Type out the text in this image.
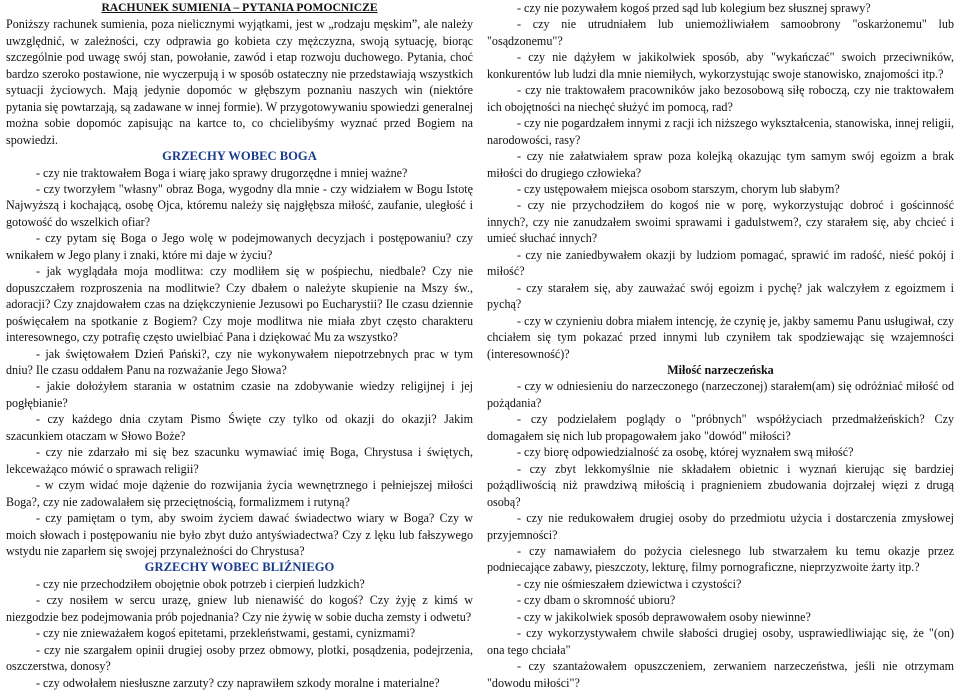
RACHUNEK SUMIENIA – PYTANIA POMOCNICZE

Poniższy rachunek sumienia, poza nielicznymi wyjątkami, jest w „rodzaju męskim”, ale należy uwzględnić, w zależności, czy odprawia go kobieta czy mężczyzna, swoją sytuację, biorąc szczególnie pod uwagę swój stan, powołanie, zawód i etap rozwoju duchowego. Pytania, choć bardzo szeroko postawione, nie wyczerpują i w sposób ostateczny nie przedstawiają wszystkich sytuacji życiowych. Mają jedynie dopomóc w głębszym poznaniu naszych win (niektóre pytania się powtarzają, są zadawane w innej formie). W przygotowywaniu spowiedzi generalnej można sobie dopomóc zapisując na kartce to, co chcielibyśmy wyznać przed Bogiem na spowiedzi.

GRZECHY WOBEC BOGA

- czy nie traktowałem Boga i wiarę jako sprawy drugorzędne i mniej ważne?

- czy tworzyłem "własny" obraz Boga, wygodny dla mnie - czy widziałem w Bogu Istotę Najwyższą i kochającą, osobę Ojca, któremu należy się najgłębsza miłość, zaufanie, uległość i gotowość do wszelkich ofiar?

- czy pytam się Boga o Jego wolę w podejmowanych decyzjach i postępowaniu? czy wnikałem w Jego plany i znaki, które mi daje w życiu?

- jak wyglądała moja modlitwa: czy modliłem się w pośpiechu, niedbale? Czy nie dopuszczałem rozproszenia na modlitwie? Czy dbałem o należyte skupienie na Mszy św., adoracji? Czy znajdowałem czas na dziękczynienie Jezusowi po Eucharystii? Ile czasu dziennie poświęcałem na spotkanie z Bogiem? Czy moje modlitwa nie miała zbyt często charakteru interesownego, czy potrafię często uwielbiać Pana i dziękować Mu za wszystko?

- jak świętowałem Dzień Pański?, czy nie wykonywałem niepotrzebnych prac w tym dniu? Ile czasu oddałem Panu na rozważanie Jego Słowa?

- jakie dołożyłem starania w ostatnim czasie na zdobywanie wiedzy religijnej i jej pogłębianie?

- czy każdego dnia czytam Pismo Święte czy tylko od okazji do okazji? Jakim szacunkiem otaczam w Słowo Boże?

- czy nie zdarzało mi się bez szacunku wymawiać imię Boga, Chrystusa i świętych, lekceważąco mówić o sprawach religii?

- w czym widać moje dążenie do rozwijania życia wewnętrznego i pełniejszej miłości Boga?, czy nie zadowalałem się przeciętnością, formalizmem i rutyną?

- czy pamiętam o tym, aby swoim życiem dawać świadectwo wiary w Boga? Czy w moich słowach i postępowaniu nie było zbyt dużo antyświadectwa? Czy z lęku lub fałszywego wstydu nie zaparłem się swojej przynależności do Chrystusa?

GRZECHY WOBEC BLIŹNIEGO

- czy nie przechodziłem obojętnie obok potrzeb i cierpień ludzkich?

- czy nosiłem w sercu urazę, gniew lub nienawiść do kogoś? Czy żyję z kimś w niezgodzie bez podejmowania prób pojednania? Czy nie żywię w sobie ducha zemsty i odwetu?

- czy nie znieważałem kogoś epitetami, przekleństwami, gestami, cynizmami?

- czy nie szargałem opinii drugiej osoby przez obmowy, plotki, posądzenia, podejrzenia, oszczerstwa, donosy?

- czy odwołałem niesłuszne zarzuty? czy naprawiłem szkody moralne i materialne?

- czy nie pozywałem kogoś przed sąd lub kolegium bez słusznej sprawy?

- czy nie utrudniałem lub uniemożliwiałem samoobrony "oskarżonemu" lub "osądzonemu"?

- czy nie dążyłem w jakikolwiek sposób, aby "wykańczać" swoich przeciwników, konkurentów lub ludzi dla mnie niemiłych, wykorzystując swoje stanowisko, znajomości itp.?

- czy nie traktowałem pracowników jako bezosobową siłę roboczą, czy nie traktowałem ich obojętności na niechęć służyć im pomocą, rad?

- czy nie pogardzałem innymi z racji ich niższego wykształcenia, stanowiska, innej religii, narodowości, rasy?

- czy nie załatwiałem spraw poza kolejką okazując tym samym swój egoizm a brak miłości do drugiego człowieka?

- czy ustępowałem miejsca osobom starszym, chorym lub słabym?

- czy nie przychodziłem do kogoś nie w porę, wykorzystując dobroć i gościnność innych?, czy nie zanudzałem swoimi sprawami i gadulstwem?, czy starałem się, aby chcieć i umieć słuchać innych?

- czy nie zaniedbywałem okazji by ludziom pomagać, sprawić im radość, nieść pokój i miłość?

- czy starałem się, aby zauważać swój egoizm i pychę? jak walczyłem z egoizmem i pychą?

- czy w czynieniu dobra miałem intencję, że czynię je, jakby samemu Panu usługiwał, czy chciałem się tym pokazać przed innymi lub czyniłem tak spodziewając się wzajemności (interesowność)?

Miłość narzeczeńska

- czy w odniesieniu do narzeczonego (narzeczonej) starałem(am) się odróżniać miłość od pożądania?

- czy podzielałem poglądy o "próbnych" współżyciach przedmałżeńskich? Czy domagałem się nich lub propagowałem jako "dowód" miłości?

- czy biorę odpowiedzialność za osobę, której wyznałem swą miłość?

- czy zbyt lekkomyślnie nie składałem obietnic i wyznań kierując się bardziej pożądliwością niż prawdziwą miłością i pragnieniem zbudowania dojrzałej więzi z drugą osobą?

- czy nie redukowałem drugiej osoby do przedmiotu użycia i dostarczenia zmysłowej przyjemności?

- czy namawiałem do pożycia cielesnego lub stwarzałem ku temu okazje przez podniecające zabawy, pieszczoty, lekturę, filmy pornograficzne, nieprzyzwoite żarty itp.?

- czy nie ośmieszałem dziewictwa i czystości?

- czy dbam o skromność ubioru?

- czy w jakikolwiek sposób deprawowałem osoby niewinne?

- czy wykorzystywałem chwile słabości drugiej osoby, usprawiedliwiając się, że "(on) ona tego chciała"

- czy szantażowałem opuszczeniem, zerwaniem narzeczeństwa, jeśli nie otrzymam "dowodu miłości"?
